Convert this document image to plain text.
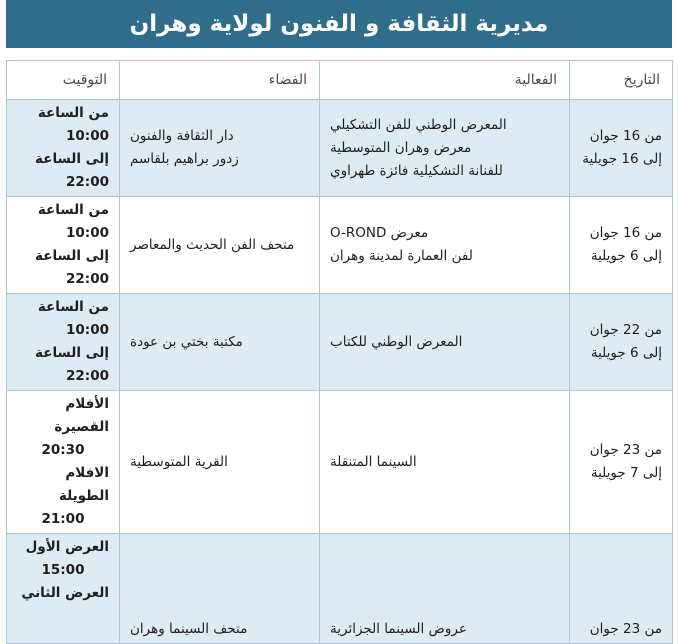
مديرية الثقافة و الفنون لولاية وهران
التاريخ	الفعالية	الفضاء	التوقيت

من 16 جوان
إلى 16 جويلية	المعرض الوطني للفن التشكيلي
معرض وهران المتوسطية
للفنانة التشكيلية فائزة طهراوي	دار الثقافة والفنون
زدور براهيم بلقاسم	من الساعة 10:00
إلى الساعة 22:00

من 16 جوان
إلى 6 جويلية	معرض O-ROND
لفن العمارة لمدينة وهران	متحف الفن الحديث والمعاصر	من الساعة 10:00
إلى الساعة 22:00

من 22 جوان
إلى 6 جويلية	المعرض الوطني للكتاب	مكتبة بختي بن عودة	من الساعة 10:00
إلى الساعة 22:00

من 23 جوان
إلى 7 جويلية	السينما المتنقلة	القرية المتوسطية	الأفلام القصيرة
20:30
الافلام الطويلة
21:00

من 23 جوان	عروض السينما الجزائرية	متحف السينما وهران	العرض الأول
15:00
العرض الثاني
